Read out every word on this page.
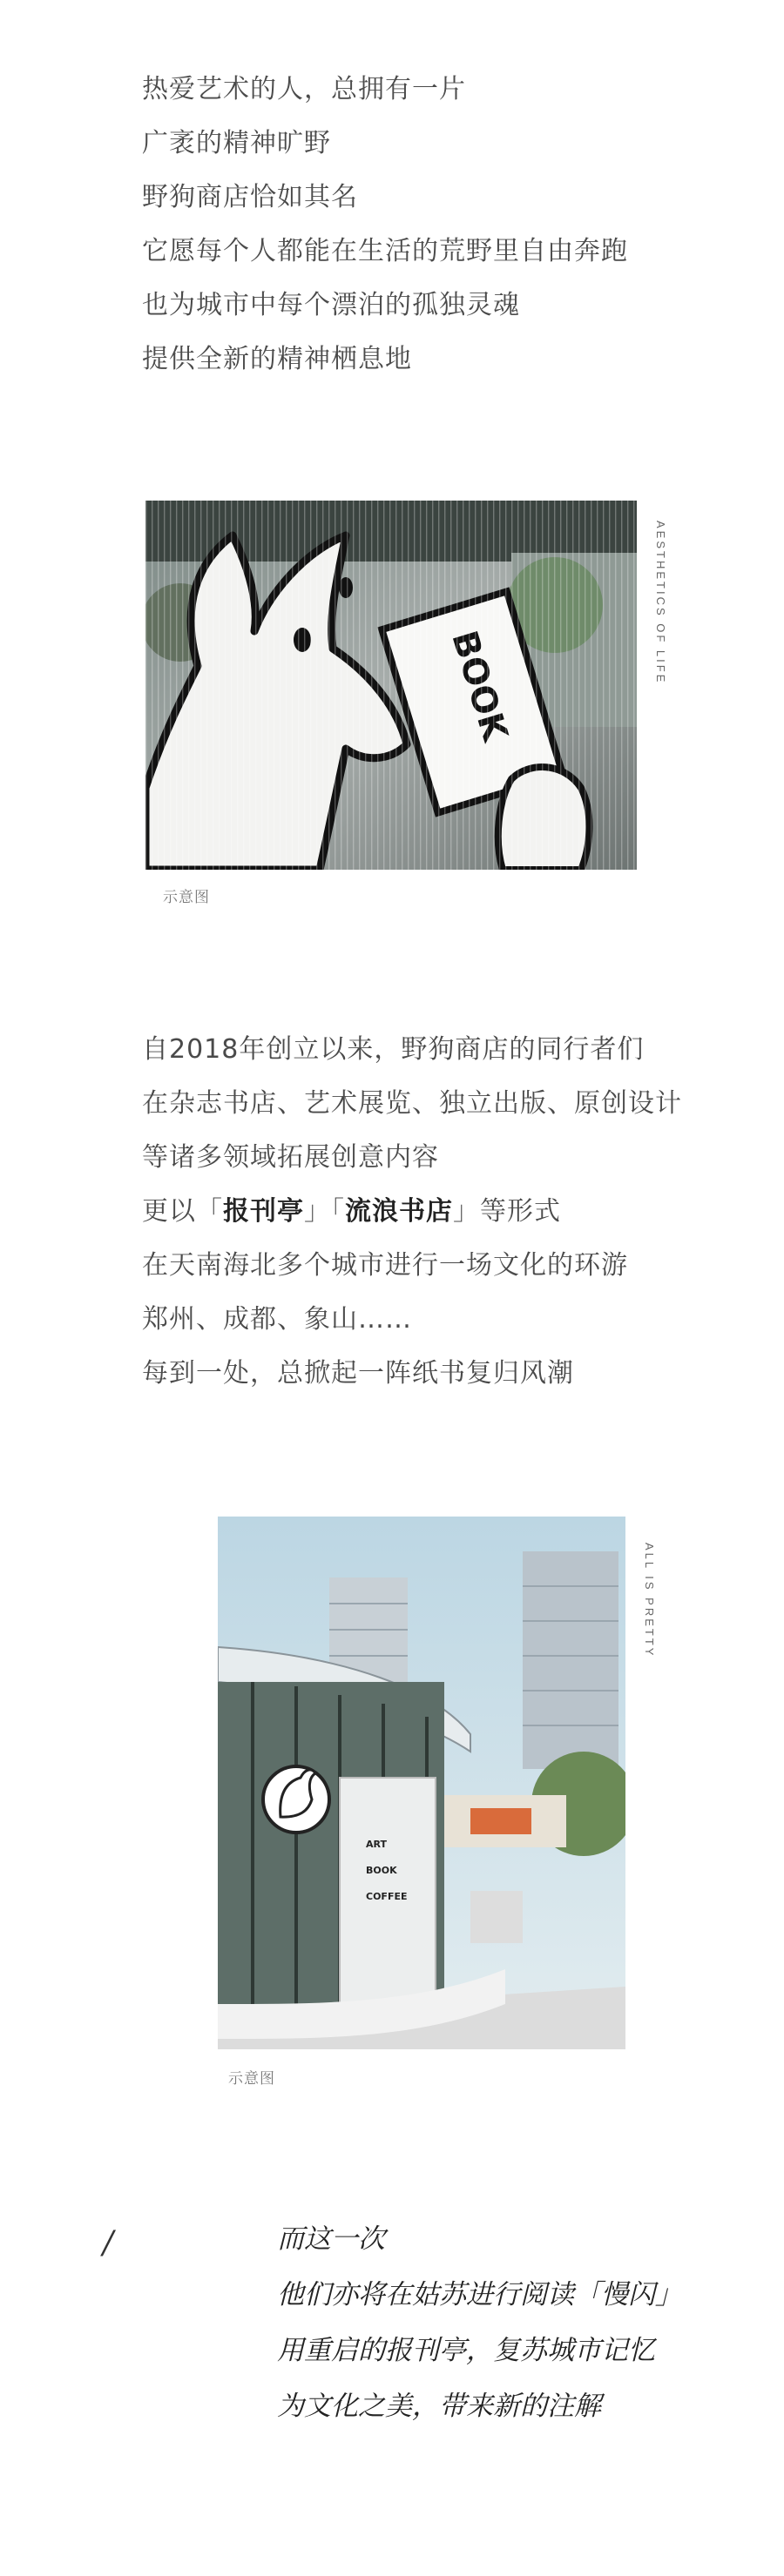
热爱艺术的人，总拥有一片
广袤的精神旷野
野狗商店恰如其名
它愿每个人都能在生活的荒野里自由奔跑
也为城市中每个漂泊的孤独灵魂
提供全新的精神栖息地
AESTHETICS OF LIFE
示意图
自2018年创立以来，野狗商店的同行者们
在杂志书店、艺术展览、独立出版、原创设计
等诸多领域拓展创意内容
更以「报刊亭」「流浪书店」等形式
在天南海北多个城市进行一场文化的环游
郑州、成都、象山……
每到一处，总掀起一阵纸书复归风潮
ART
BOOK
COFFEE
ALL IS PRETTY
示意图
/	而这一次
他们亦将在姑苏进行阅读「慢闪」
用重启的报刊亭，复苏城市记忆
为文化之美，带来新的注解
